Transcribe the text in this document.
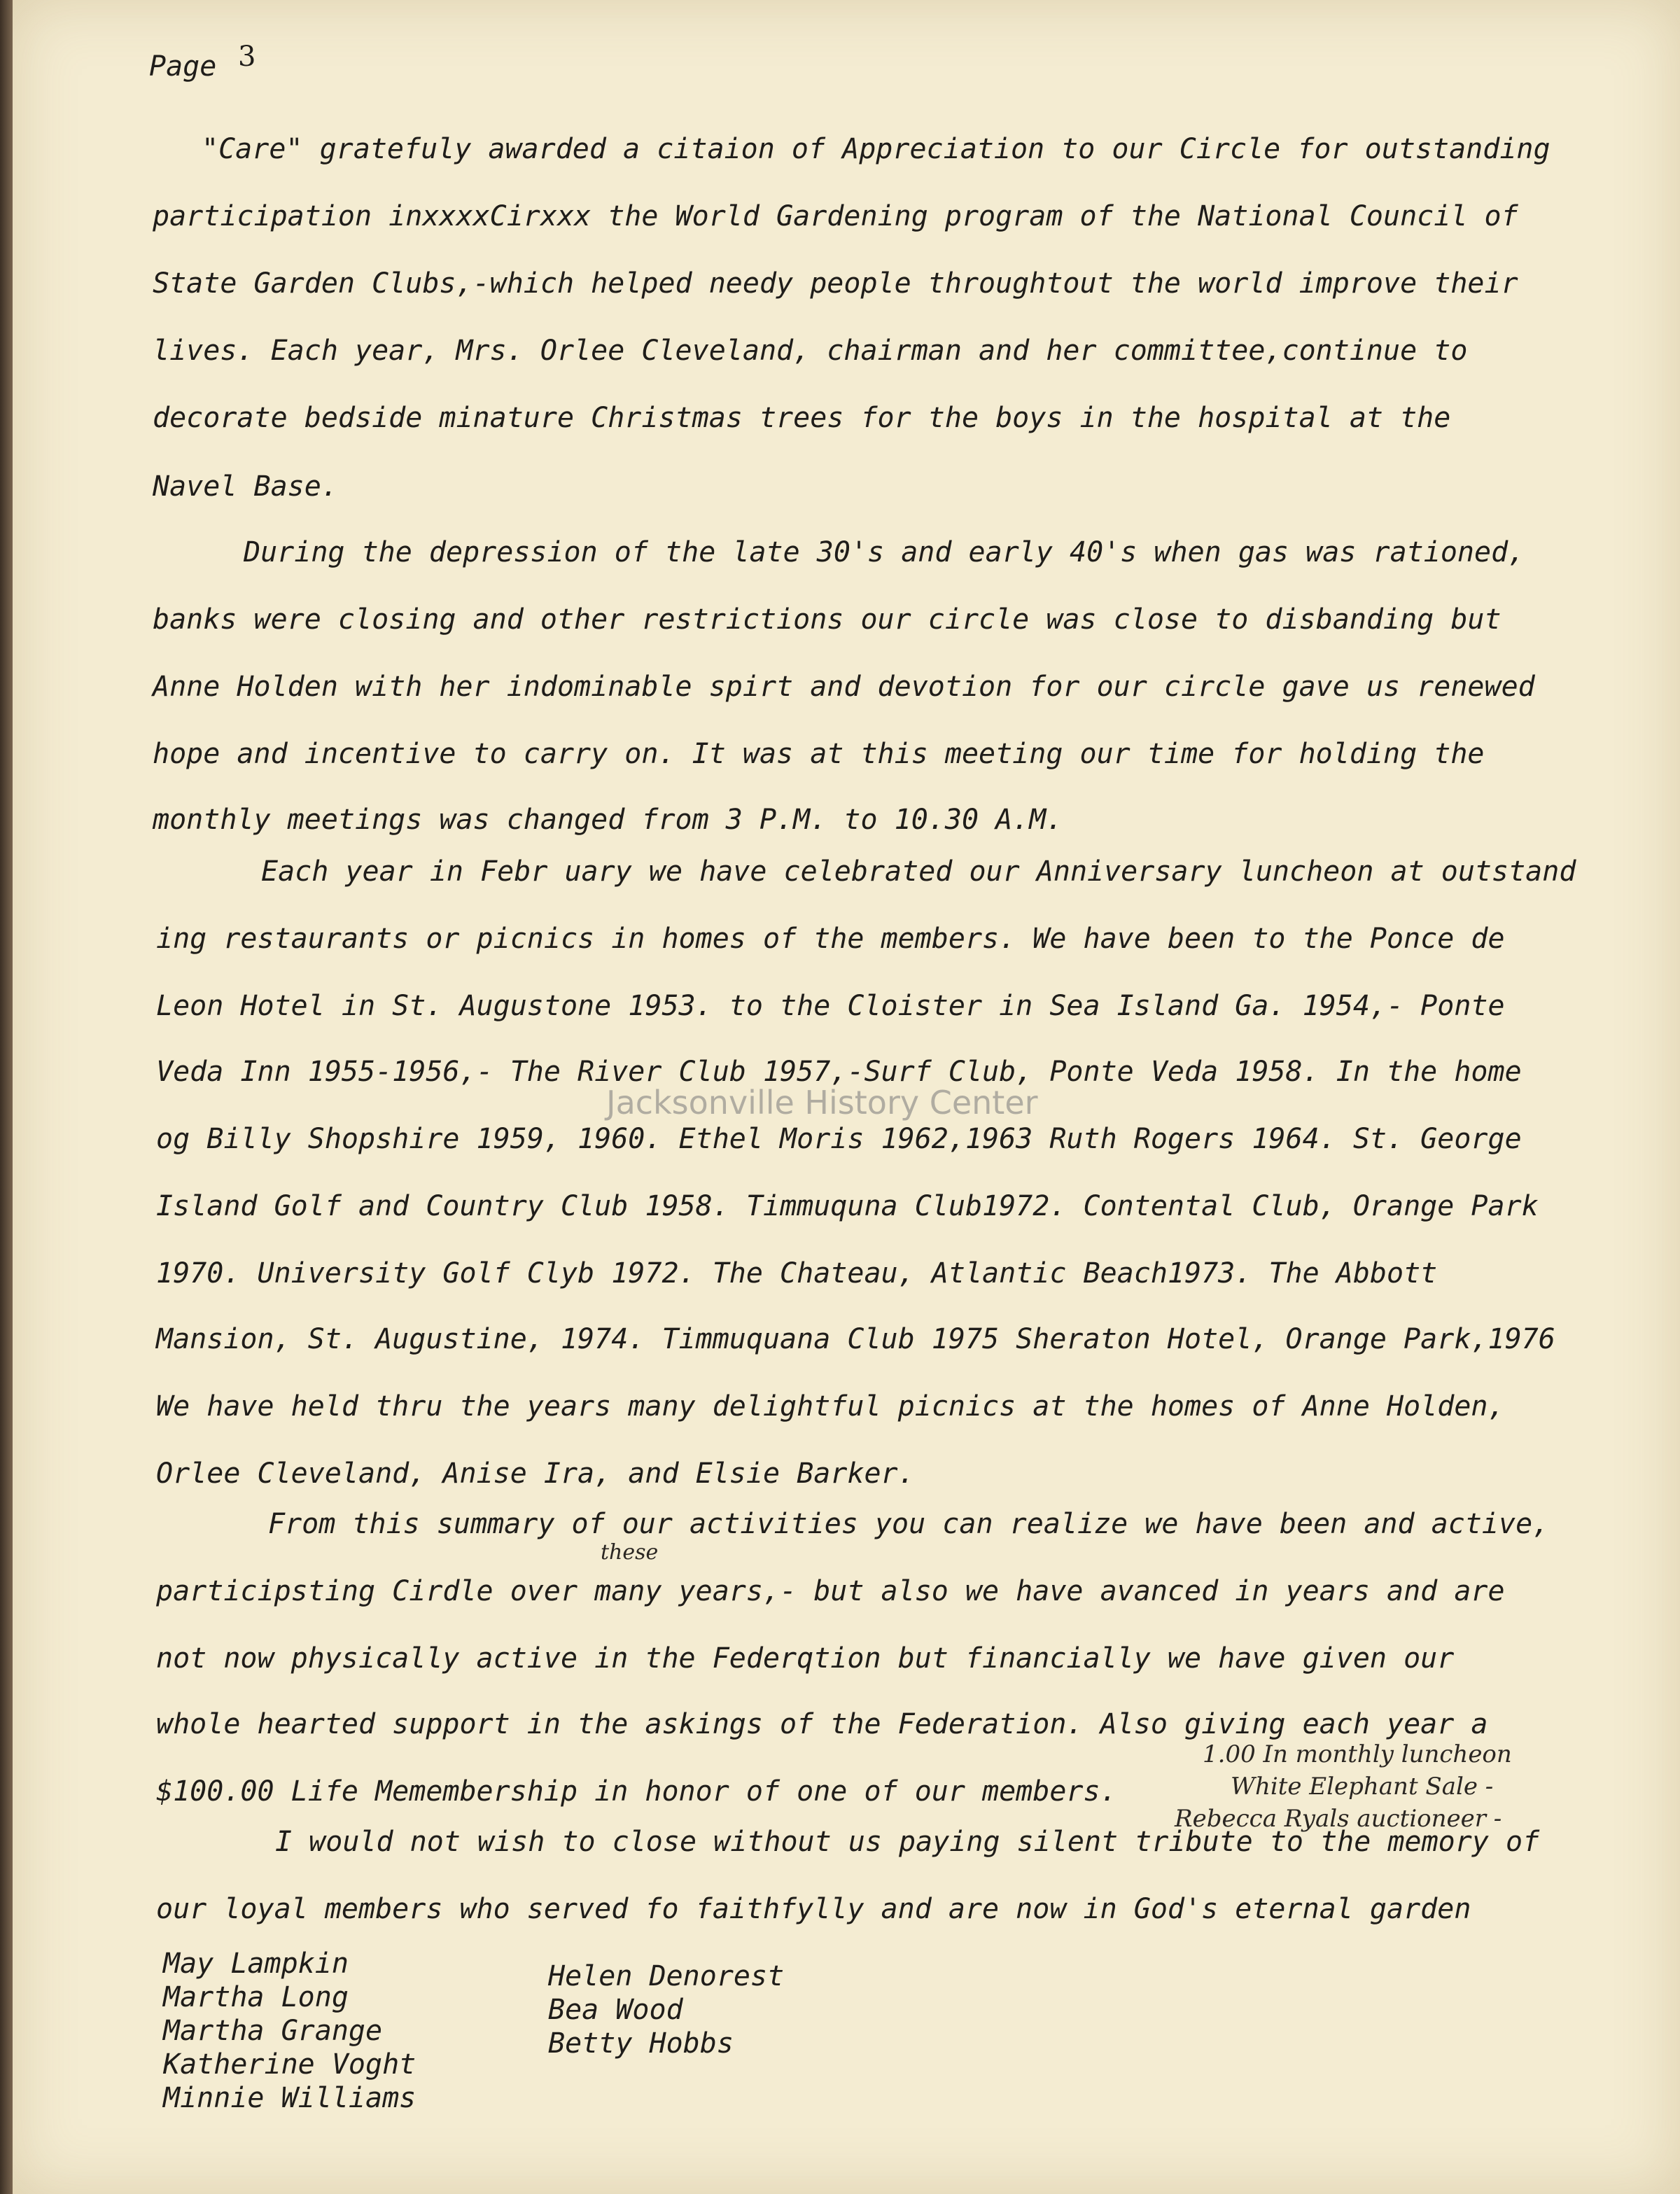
Page 3
"Care" gratefuly awarded a citaion of Appreciation to our Circle for outstanding
participation inxxxxCirxxx the World Gardening program of the National Council of
State Garden Clubs,-which helped needy people throughtout the world improve their
lives. Each year, Mrs. Orlee Cleveland, chairman and her committee,continue to
decorate bedside minature Christmas trees for the boys in the hospital at the
Navel Base.
During the depression of the late 30's and early 40's when gas was rationed,
banks were closing and other restrictions our circle was close to disbanding but
Anne Holden with her indominable spirt and devotion for our circle gave us renewed
hope and incentive to carry on. It was at this meeting our time for holding the
monthly meetings was changed from 3 P.M. to 10.30 A.M.
Each year in Febr uary we have celebrated our Anniversary luncheon at outstand
ing restaurants or picnics in homes of the members. We have been to the Ponce de
Leon Hotel in St. Augustone 1953. to the Cloister in Sea Island Ga. 1954,- Ponte
Veda Inn 1955-1956,- The River Club 1957,-Surf Club, Ponte Veda 1958. In the home
og Billy Shopshire 1959, 1960. Ethel Moris 1962,1963 Ruth Rogers 1964. St. George
Island Golf and Country Club 1958. Timmuquna Club1972. Contental Club, Orange Park
1970. University Golf Clyb 1972. The Chateau, Atlantic Beach1973. The Abbott
Mansion, St. Augustine, 1974. Timmuquana Club 1975 Sheraton Hotel, Orange Park,1976
We have held thru the years many delightful picnics at the homes of Anne Holden,
Orlee Cleveland, Anise Ira, and Elsie Barker.
From this summary of our activities you can realize we have been and active,
participsting Cirdle over many years,- but also we have avanced in years and are
not now physically active in the Federqtion but financially we have given our
whole hearted support in the askings of the Federation. Also giving each year a
$100.00 Life Memembership in honor of one of our members.
I would not wish to close without us paying silent tribute to the memory of
our loyal members who served fo faithfylly and are now in God's eternal garden
these
1.00 In monthly luncheon
White Elephant Sale -
Rebecca Ryals auctioneer -
May Lampkin
Martha Long
Martha Grange
Katherine Voght
Minnie Williams
Helen Denorest
Bea Wood
Betty Hobbs
Jacksonville History Center
